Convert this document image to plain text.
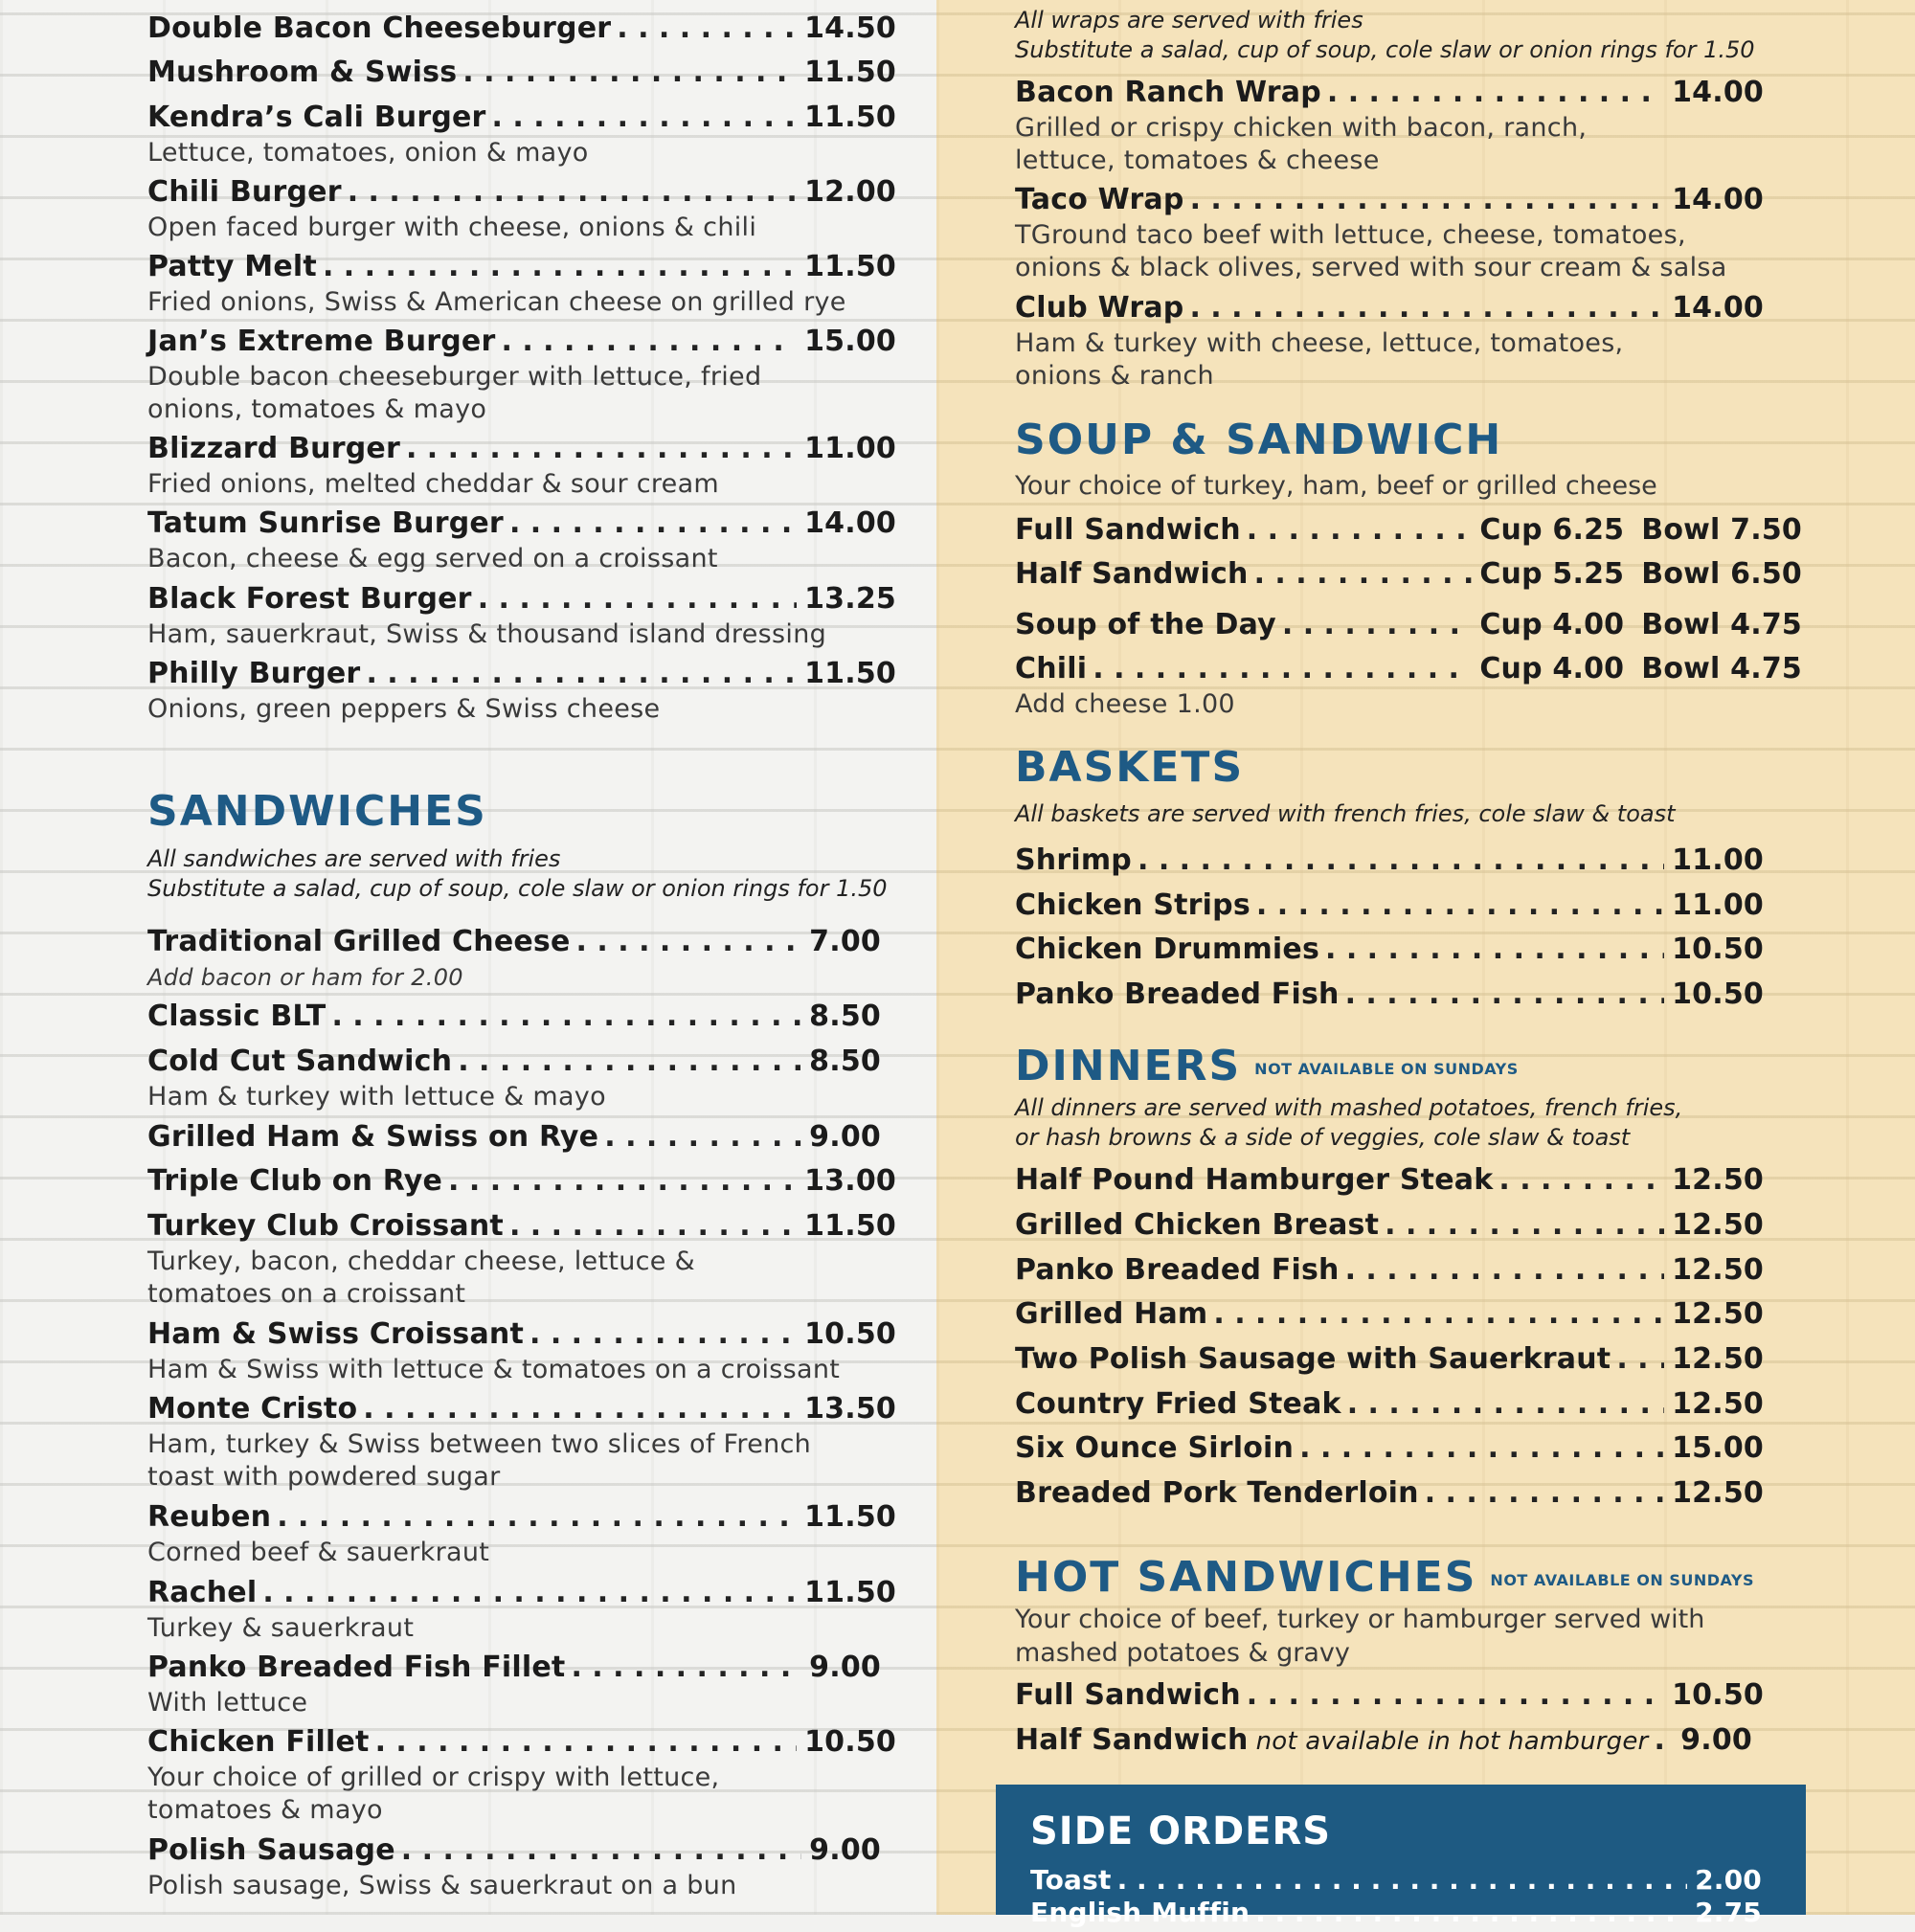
Double Bacon Cheeseburger . . .	14.50
Mushroom & Swiss . . .	11.50
Kendra’s Cali Burger . . .	11.50
Lettuce, tomatoes, onion & mayo
Chili Burger . . .	12.00
Open faced burger with cheese, onions & chili
Patty Melt . . .	11.50
Fried onions, Swiss & American cheese on grilled rye
Jan’s Extreme Burger . . .	15.00
Double bacon cheeseburger with lettuce, fried
onions, tomatoes & mayo
Blizzard Burger . . .	11.00
Fried onions, melted cheddar & sour cream
Tatum Sunrise Burger . . .	14.00
Bacon, cheese & egg served on a croissant
Black Forest Burger . . .	13.25
Ham, sauerkraut, Swiss & thousand island dressing
Philly Burger . . .	11.50
Onions, green peppers & Swiss cheese
SANDWICHES
All sandwiches are served with fries
Substitute a salad, cup of soup, cole slaw or onion rings for 1.50
Traditional Grilled Cheese . . .	7.00
Add bacon or ham for 2.00
Classic BLT . . .	8.50
Cold Cut Sandwich . . .	8.50
Ham & turkey with lettuce & mayo
Grilled Ham & Swiss on Rye . . .	9.00
Triple Club on Rye . . .	13.00
Turkey Club Croissant . . .	11.50
Turkey, bacon, cheddar cheese, lettuce &
tomatoes on a croissant
Ham & Swiss Croissant . . .	10.50
Ham & Swiss with lettuce & tomatoes on a croissant
Monte Cristo . . .	13.50
Ham, turkey & Swiss between two slices of French
toast with powdered sugar
Reuben . . .	11.50
Corned beef & sauerkraut
Rachel . . .	11.50
Turkey & sauerkraut
Panko Breaded Fish Fillet . . .	9.00
With lettuce
Chicken Fillet . . .	10.50
Your choice of grilled or crispy with lettuce,
tomatoes & mayo
Polish Sausage . . .	9.00
Polish sausage, Swiss & sauerkraut on a bun
All wraps are served with fries
Substitute a salad, cup of soup, cole slaw or onion rings for 1.50
Bacon Ranch Wrap . . .	14.00
Grilled or crispy chicken with bacon, ranch,
lettuce, tomatoes & cheese
Taco Wrap . . .	14.00
TGround taco beef with lettuce, cheese, tomatoes,
onions & black olives, served with sour cream & salsa
Club Wrap . . .	14.00
Ham & turkey with cheese, lettuce, tomatoes,
onions & ranch
SOUP & SANDWICH
Your choice of turkey, ham, beef or grilled cheese
Full Sandwich . . .	Cup 6.25 Bowl 7.50
Half Sandwich . . .	Cup 5.25 Bowl 6.50
Soup of the Day . . .	Cup 4.00 Bowl 4.75
Chili . . .	Cup 4.00 Bowl 4.75
Add cheese 1.00
BASKETS
All baskets are served with french fries, cole slaw & toast
Shrimp . . .	11.00
Chicken Strips . . .	11.00
Chicken Drummies . . .	10.50
Panko Breaded Fish . . .	10.50
DINNERS NOT AVAILABLE ON SUNDAYS
All dinners are served with mashed potatoes, french fries,
or hash browns & a side of veggies, cole slaw & toast
Half Pound Hamburger Steak . . .	12.50
Grilled Chicken Breast . . .	12.50
Panko Breaded Fish . . .	12.50
Grilled Ham . . .	12.50
Two Polish Sausage with Sauerkraut . . . 12.50
Country Fried Steak . . .	12.50
Six Ounce Sirloin . . .	15.00
Breaded Pork Tenderloin . . .	12.50
HOT SANDWICHES NOT AVAILABLE ON SUNDAYS
Your choice of beef, turkey or hamburger served with
mashed potatoes & gravy
Full Sandwich . . .	10.50
Half Sandwich not available in hot hamburger . . . 9.00
SIDE ORDERS
Toast . . .	2.00
English Muffin . . .	2.75
